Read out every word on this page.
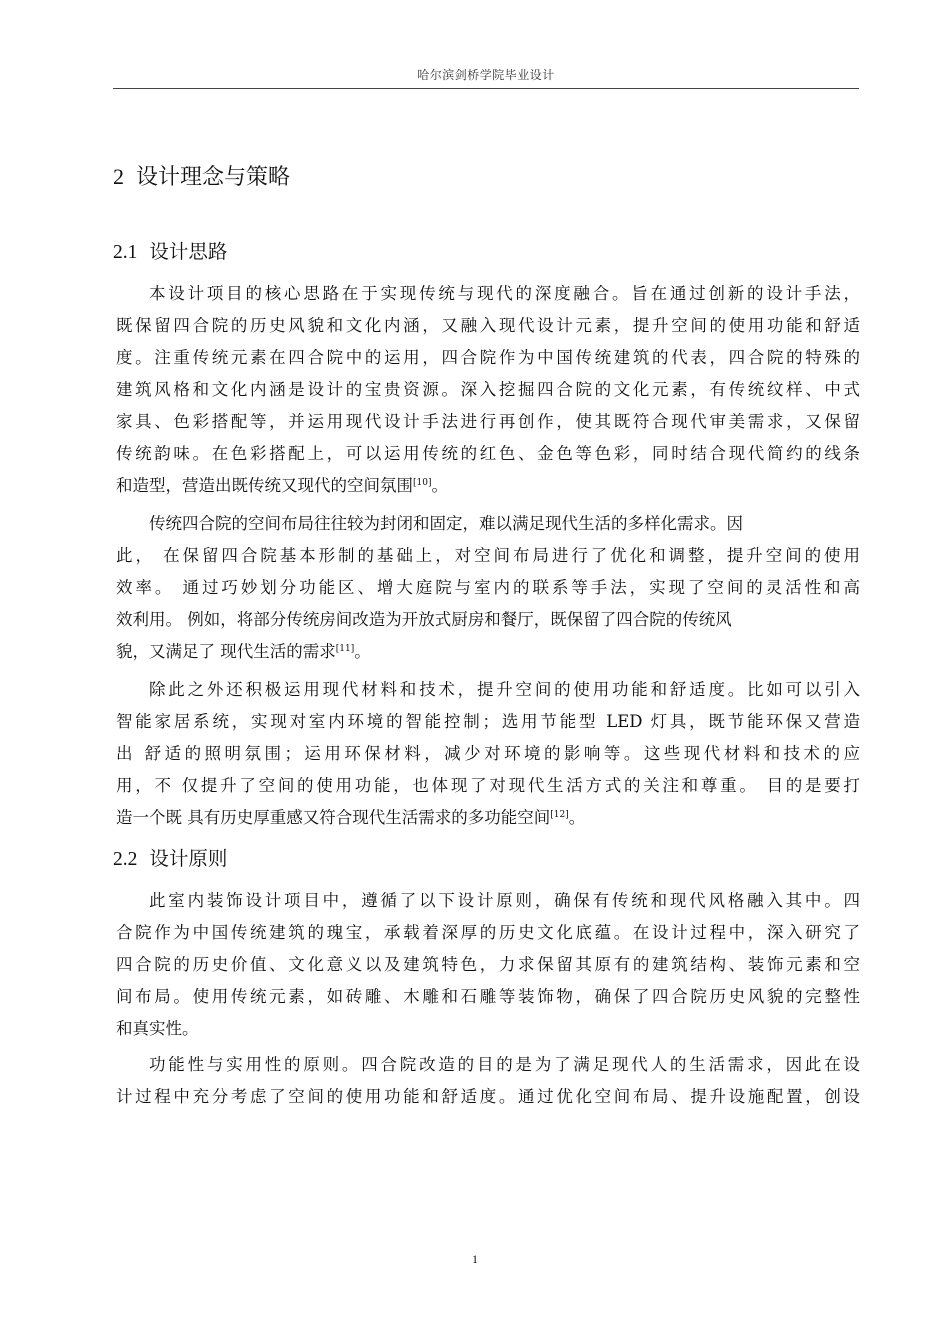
哈尔滨剑桥学院毕业设计
2 设计理念与策略
2.1 设计思路
本设计项目的核心思路在于实现传统与现代的深度融合。旨在通过创新的设计手法，
既保留四合院的历史风貌和文化内涵，又融入现代设计元素，提升空间的使用功能和舒适
度。注重传统元素在四合院中的运用，四合院作为中国传统建筑的代表，四合院的特殊的
建筑风格和文化内涵是设计的宝贵资源。深入挖掘四合院的文化元素，有传统纹样、中式
家具、色彩搭配等，并运用现代设计手法进行再创作，使其既符合现代审美需求，又保留
传统韵味。在色彩搭配上，可以运用传统的红色、金色等色彩，同时结合现代简约的线条
和造型，营造出既传统又现代的空间氛围[10]。
传统四合院的空间布局往往较为封闭和固定，难以满足现代生活的多样化需求。因
此， 在保留四合院基本形制的基础上，对空间布局进行了优化和调整，提升空间的使用
效率。 通过巧妙划分功能区、增大庭院与室内的联系等手法，实现了空间的灵活性和高
效利用。 例如，将部分传统房间改造为开放式厨房和餐厅，既保留了四合院的传统风
貌，又满足了 现代生活的需求[11]。
除此之外还积极运用现代材料和技术，提升空间的使用功能和舒适度。比如可以引入
智能家居系统，实现对室内环境的智能控制；选用节能型 LED 灯具，既节能环保又营造
出 舒适的照明氛围；运用环保材料，减少对环境的影响等。这些现代材料和技术的应
用，不 仅提升了空间的使用功能，也体现了对现代生活方式的关注和尊重。 目的是要打
造一个既 具有历史厚重感又符合现代生活需求的多功能空间[12]。
2.2 设计原则
此室内装饰设计项目中，遵循了以下设计原则，确保有传统和现代风格融入其中。四
合院作为中国传统建筑的瑰宝，承载着深厚的历史文化底蕴。在设计过程中，深入研究了
四合院的历史价值、文化意义以及建筑特色，力求保留其原有的建筑结构、装饰元素和空
间布局。使用传统元素，如砖雕、木雕和石雕等装饰物，确保了四合院历史风貌的完整性
和真实性。
功能性与实用性的原则。四合院改造的目的是为了满足现代人的生活需求，因此在设
计过程中充分考虑了空间的使用功能和舒适度。通过优化空间布局、提升设施配置，创设
1
